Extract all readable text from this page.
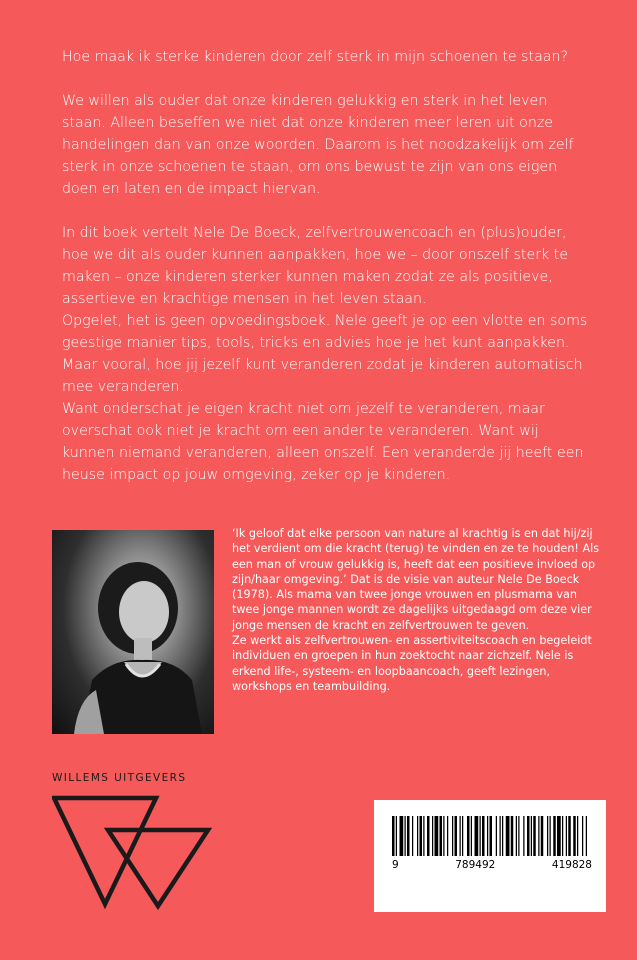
Hoe maak ik sterke kinderen door zelf sterk in mijn schoenen te staan?

We willen als ouder dat onze kinderen gelukkig en sterk in het leven staan. Alleen beseffen we niet dat onze kinderen meer leren uit onze handelingen dan van onze woorden. Daarom is het noodzakelijk om zelf sterk in onze schoenen te staan, om ons bewust te zijn van ons eigen doen en laten en de impact hiervan.

In dit boek vertelt Nele De Boeck, zelfvertrouwencoach en (plus)ouder, hoe we dit als ouder kunnen aanpakken, hoe we – door onszelf sterk te maken – onze kinderen sterker kunnen maken zodat ze als positieve, assertieve en krachtige mensen in het leven staan.

Opgelet, het is geen opvoedingsboek. Nele geeft je op een vlotte en soms geestige manier tips, tools, tricks en advies hoe je het kunt aanpakken. Maar vooral, hoe jij jezelf kunt veranderen zodat je kinderen automatisch mee veranderen.

Want onderschat je eigen kracht niet om jezelf te veranderen, maar overschat ook niet je kracht om een ander te veranderen. Want wij kunnen niemand veranderen, alleen onszelf. Een veranderde jij heeft een heuse impact op jouw omgeving, zeker op je kinderen.

‘Ik geloof dat elke persoon van nature al krachtig is en dat hij/zij het verdient om die kracht (terug) te vinden en ze te houden! Als een man of vrouw gelukkig is, heeft dat een positieve invloed op zijn/haar omgeving.’ Dat is de visie van auteur Nele De Boeck (1978). Als mama van twee jonge vrouwen en plusmama van twee jonge mannen wordt ze dagelijks uitgedaagd om deze vier jonge mensen de kracht en zelfvertrouwen te geven.

Ze werkt als zelfvertrouwen- en assertiviteitscoach en begeleidt individuen en groepen in hun zoektocht naar zichzelf. Nele is erkend life-, systeem- en loopbaancoach, geeft lezingen, workshops en teambuilding.

WILLEMS UITGEVERS
9	789492	419828
